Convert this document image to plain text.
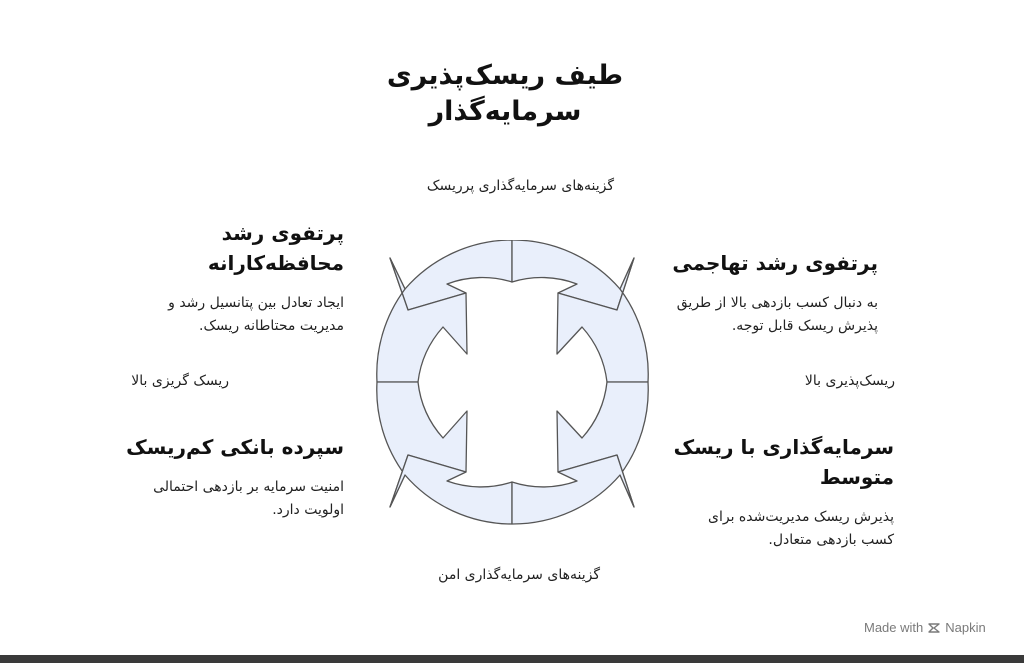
طیف ریسک‌پذیری
سرمایه‌گذار
گزینه‌های سرمایه‌گذاری پرریسک
گزینه‌های سرمایه‌گذاری امن
ریسک گریزی بالا	ریسک‌پذیری بالا
پرتفوی رشد
محافظه‌کارانه
ایجاد تعادل بین پتانسیل رشد و
مدیریت محتاطانه ریسک.
پرتفوی رشد تهاجمی
به دنبال کسب بازدهی بالا از طریق
پذیرش ریسک قابل توجه.
سپرده بانکی کم‌ریسک
امنیت سرمایه بر بازدهی احتمالی
اولویت دارد.
سرمایه‌گذاری با ریسک
متوسط
پذیرش ریسک مدیریت‌شده برای
کسب بازدهی متعادل.
Made with Napkin
